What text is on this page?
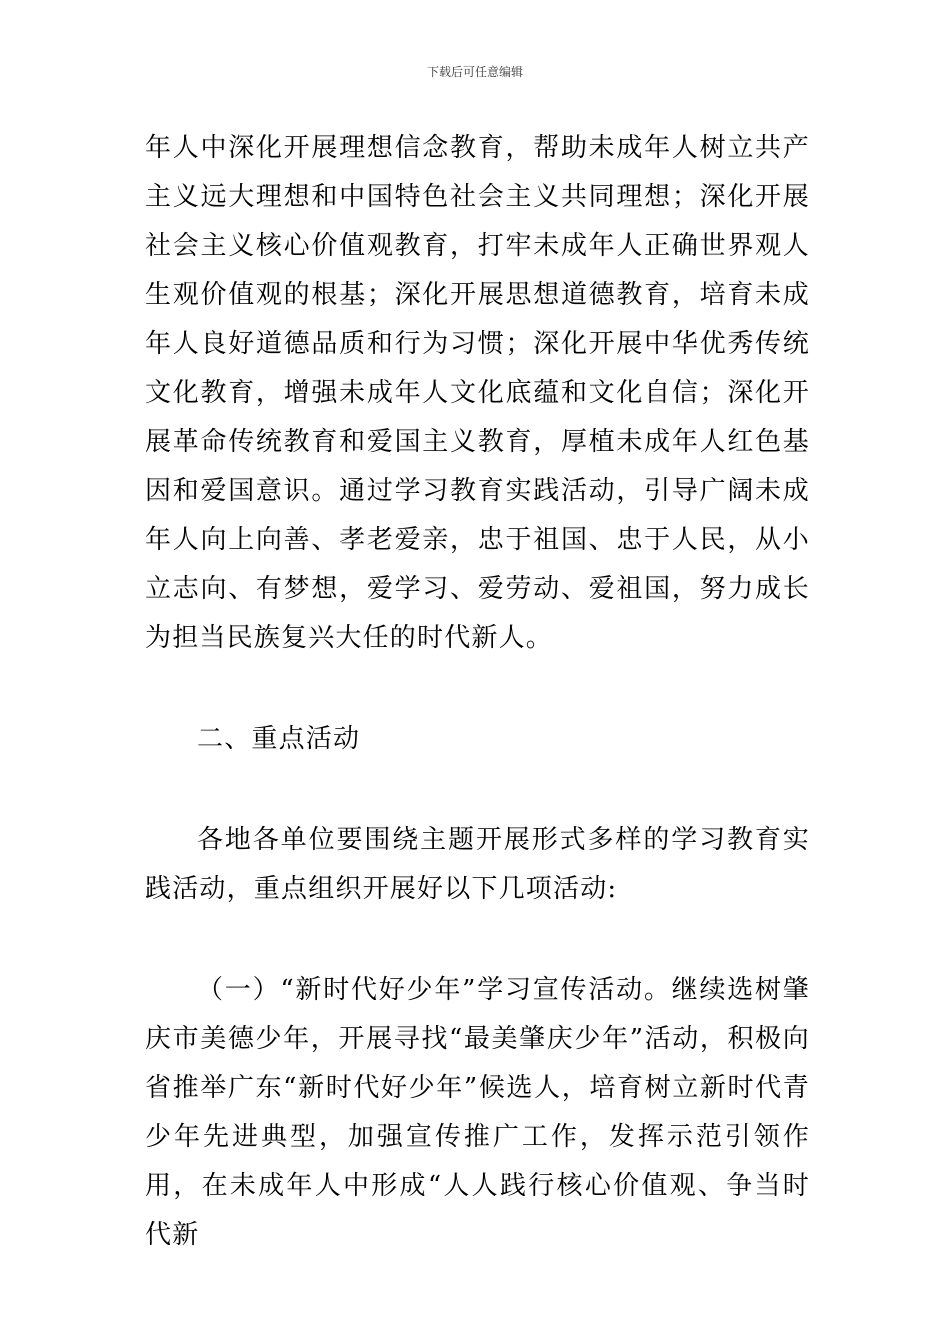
下载后可任意编辑

年人中深化开展理想信念教育，帮助未成年人树立共产主义远大理想和中国特色社会主义共同理想；深化开展社会主义核心价值观教育，打牢未成年人正确世界观人生观价值观的根基；深化开展思想道德教育，培育未成年人良好道德品质和行为习惯；深化开展中华优秀传统文化教育，增强未成年人文化底蕴和文化自信；深化开展革命传统教育和爱国主义教育，厚植未成年人红色基因和爱国意识。通过学习教育实践活动，引导广阔未成年人向上向善、孝老爱亲，忠于祖国、忠于人民，从小立志向、有梦想，爱学习、爱劳动、爱祖国，努力成长为担当民族复兴大任的时代新人。

二、重点活动

各地各单位要围绕主题开展形式多样的学习教育实践活动，重点组织开展好以下几项活动:

（一）“新时代好少年”学习宣传活动。继续选树肇庆市美德少年，开展寻找“最美肇庆少年”活动，积极向省推举广东“新时代好少年”候选人，培育树立新时代青少年先进典型，加强宣传推广工作，发挥示范引领作用，在未成年人中形成“人人践行核心价值观、争当时代新
